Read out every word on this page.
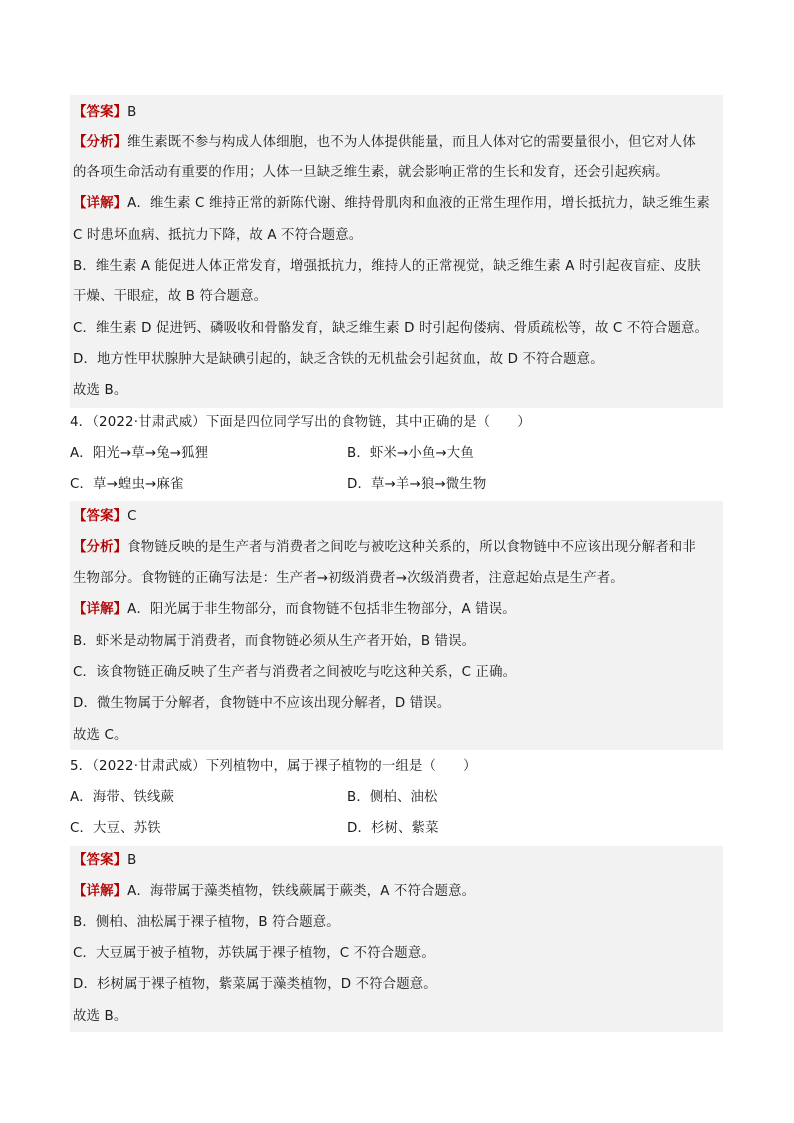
【答案】B
【分析】维生素既不参与构成人体细胞，也不为人体提供能量，而且人体对它的需要量很小，但它对人体
的各项生命活动有重要的作用；人体一旦缺乏维生素，就会影响正常的生长和发育，还会引起疾病。
【详解】A．维生素 C 维持正常的新陈代谢、维持骨肌肉和血液的正常生理作用，增长抵抗力，缺乏维生素
C 时患坏血病、抵抗力下降，故 A 不符合题意。
B．维生素 A 能促进人体正常发育，增强抵抗力，维持人的正常视觉，缺乏维生素 A 时引起夜盲症、皮肤
干燥、干眼症，故 B 符合题意。
C．维生素 D 促进钙、磷吸收和骨骼发育，缺乏维生素 D 时引起佝偻病、骨质疏松等，故 C 不符合题意。
D．地方性甲状腺肿大是缺碘引起的，缺乏含铁的无机盐会引起贫血，故 D 不符合题意。
故选 B。
4．（2022·甘肃武威）下面是四位同学写出的食物链，其中正确的是（　　）
A．阳光→草→兔→狐狸	B．虾米→小鱼→大鱼
C．草→蝗虫→麻雀	D．草→羊→狼→微生物
【答案】C
【分析】食物链反映的是生产者与消费者之间吃与被吃这种关系的，所以食物链中不应该出现分解者和非
生物部分。食物链的正确写法是：生产者→初级消费者→次级消费者，注意起始点是生产者。
【详解】A．阳光属于非生物部分，而食物链不包括非生物部分，A 错误。
B．虾米是动物属于消费者，而食物链必须从生产者开始，B 错误。
C．该食物链正确反映了生产者与消费者之间被吃与吃这种关系，C 正确。
D．微生物属于分解者，食物链中不应该出现分解者，D 错误。
故选 C。
5．（2022·甘肃武威）下列植物中，属于裸子植物的一组是（　　）
A．海带、铁线蕨	B．侧柏、油松
C．大豆、苏铁	D．杉树、紫菜
【答案】B
【详解】A．海带属于藻类植物，铁线蕨属于蕨类，A 不符合题意。
B．侧柏、油松属于裸子植物，B 符合题意。
C．大豆属于被子植物，苏铁属于裸子植物，C 不符合题意。
D．杉树属于裸子植物，紫菜属于藻类植物，D 不符合题意。
故选 B。
